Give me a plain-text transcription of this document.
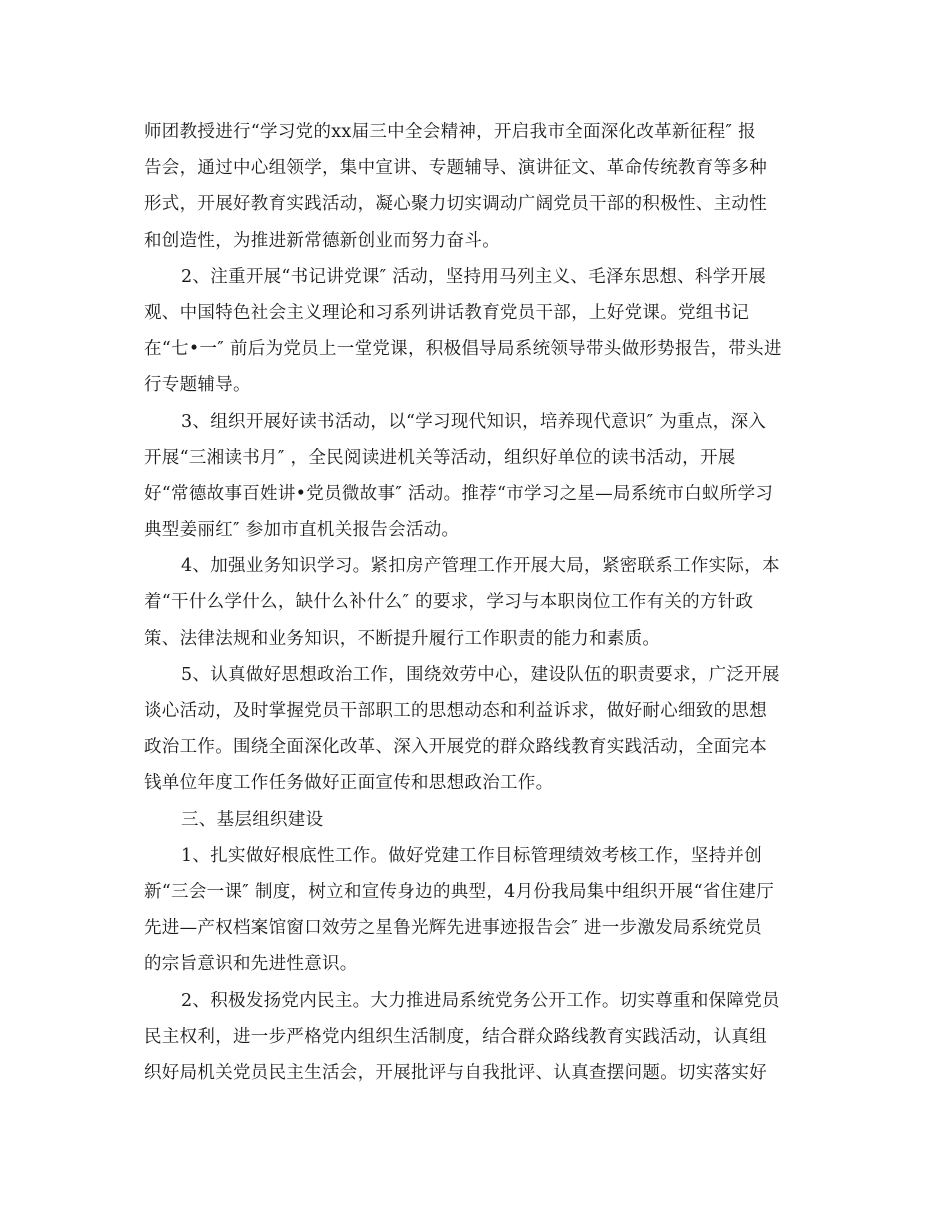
师团教授进行“学习党的xx届三中全会精神，开启我市全面深化改革新征程″ 报
告会，通过中心组领学，集中宣讲、专题辅导、演讲征文、革命传统教育等多种
形式，开展好教育实践活动，凝心聚力切实调动广阔党员干部的积极性、主动性
和创造性，为推进新常德新创业而努力奋斗。
2、注重开展“书记讲党课″ 活动，坚持用马列主义、毛泽东思想、科学开展
观、中国特色社会主义理论和习系列讲话教育党员干部，上好党课。党组书记
在“七•一″ 前后为党员上一堂党课，积极倡导局系统领导带头做形势报告，带头进
行专题辅导。
3、组织开展好读书活动，以“学习现代知识，培养现代意识″ 为重点，深入
开展“三湘读书月″ ，全民阅读进机关等活动，组织好单位的读书活动，开展
好“常德故事百姓讲•党员微故事″ 活动。推荐“市学习之星—局系统市白蚁所学习
典型姜丽红″ 参加市直机关报告会活动。
4、加强业务知识学习。紧扣房产管理工作开展大局，紧密联系工作实际，本
着“干什么学什么，缺什么补什么″ 的要求，学习与本职岗位工作有关的方针政
策、法律法规和业务知识，不断提升履行工作职责的能力和素质。
5、认真做好思想政治工作，围绕效劳中心，建设队伍的职责要求，广泛开展
谈心活动，及时掌握党员干部职工的思想动态和利益诉求，做好耐心细致的思想
政治工作。围绕全面深化改革、深入开展党的群众路线教育实践活动，全面完本
钱单位年度工作任务做好正面宣传和思想政治工作。
三、基层组织建设
1、扎实做好根底性工作。做好党建工作目标管理绩效考核工作，坚持并创
新“三会一课″ 制度，树立和宣传身边的典型，4月份我局集中组织开展“省住建厅
先进—产权档案馆窗口效劳之星鲁光辉先进事迹报告会″ 进一步激发局系统党员
的宗旨意识和先进性意识。
2、积极发扬党内民主。大力推进局系统党务公开工作。切实尊重和保障党员
民主权利，进一步严格党内组织生活制度，结合群众路线教育实践活动，认真组
织好局机关党员民主生活会，开展批评与自我批评、认真查摆问题。切实落实好
